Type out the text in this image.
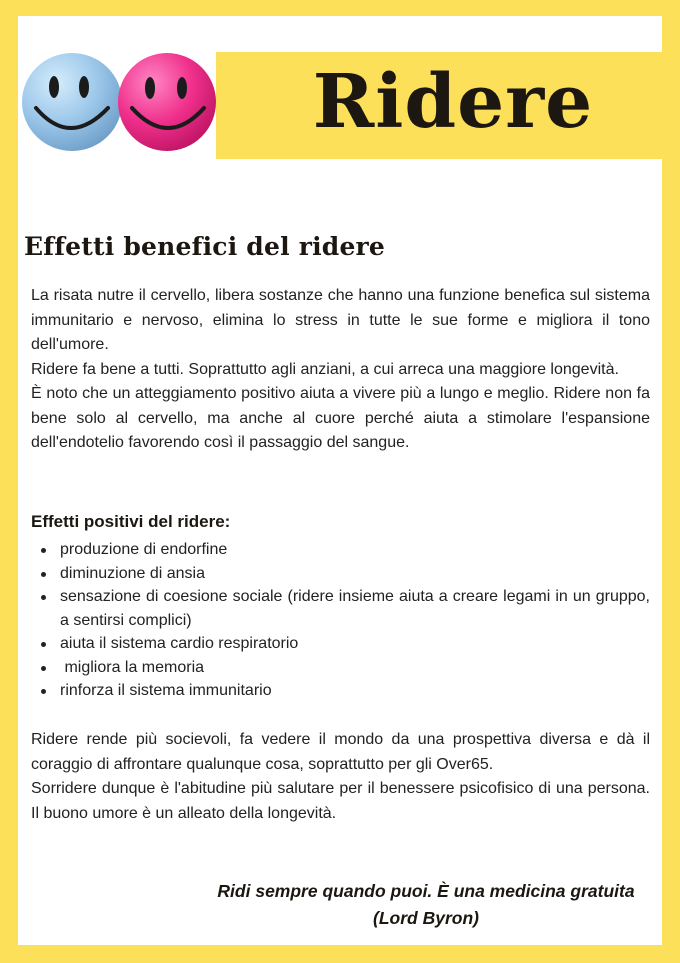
Ridere
Effetti benefici del ridere

La risata nutre il cervello, libera sostanze che hanno una funzione benefica sul sistema immunitario e nervoso, elimina lo stress in tutte le sue forme e migliora il tono dell'umore.

Ridere fa bene a tutti. Soprattutto agli anziani, a cui arreca una maggiore longevità.

È noto che un atteggiamento positivo aiuta a vivere più a lungo e meglio. Ridere non fa bene solo al cervello, ma anche al cuore perché aiuta a stimolare l'espansione dell'endotelio favorendo così il passaggio del sangue.

Effetti positivi del ridere:
produzione di endorfine
diminuzione di ansia
sensazione di coesione sociale (ridere insieme aiuta a creare legami in un gruppo, a sentirsi complici)
aiuta il sistema cardio respiratorio
migliora la memoria
rinforza il sistema immunitario

Ridere rende più socievoli, fa vedere il mondo da una prospettiva diversa e dà il coraggio di affrontare qualunque cosa, soprattutto per gli Over65.

Sorridere dunque è l'abitudine più salutare per il benessere psicofisico di una persona. Il buono umore è un alleato della longevità.

Ridi sempre quando puoi. È una medicina gratuita
(Lord Byron)
